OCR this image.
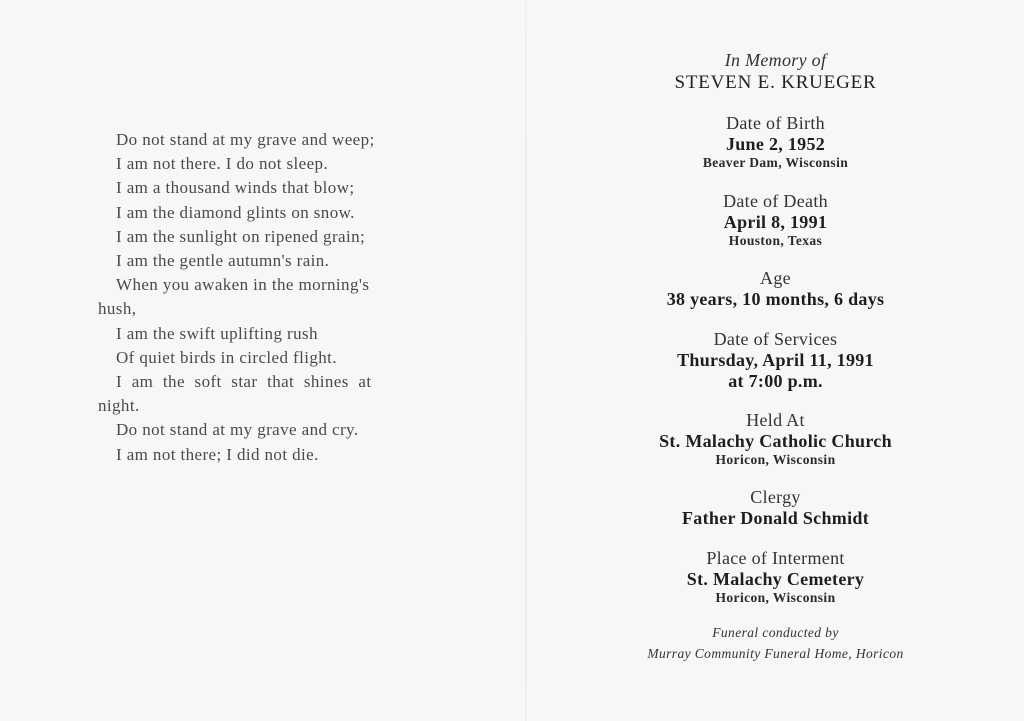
Do not stand at my grave and weep;
I am not there. I do not sleep.
I am a thousand winds that blow;
I am the diamond glints on snow.
I am the sunlight on ripened grain;
I am the gentle autumn's rain.
When you awaken in the morning's
hush,
I am the swift uplifting rush
Of quiet birds in circled flight.
I am the soft star that shines at
night.
Do not stand at my grave and cry.
I am not there; I did not die.
In Memory of
STEVEN E. KRUEGER
Date of Birth
June 2, 1952
Beaver Dam, Wisconsin
Date of Death
April 8, 1991
Houston, Texas
Age
38 years, 10 months, 6 days
Date of Services
Thursday, April 11, 1991
at 7:00 p.m.
Held At
St. Malachy Catholic Church
Horicon, Wisconsin
Clergy
Father Donald Schmidt
Place of Interment
St. Malachy Cemetery
Horicon, Wisconsin
Funeral conducted by
Murray Community Funeral Home, Horicon
